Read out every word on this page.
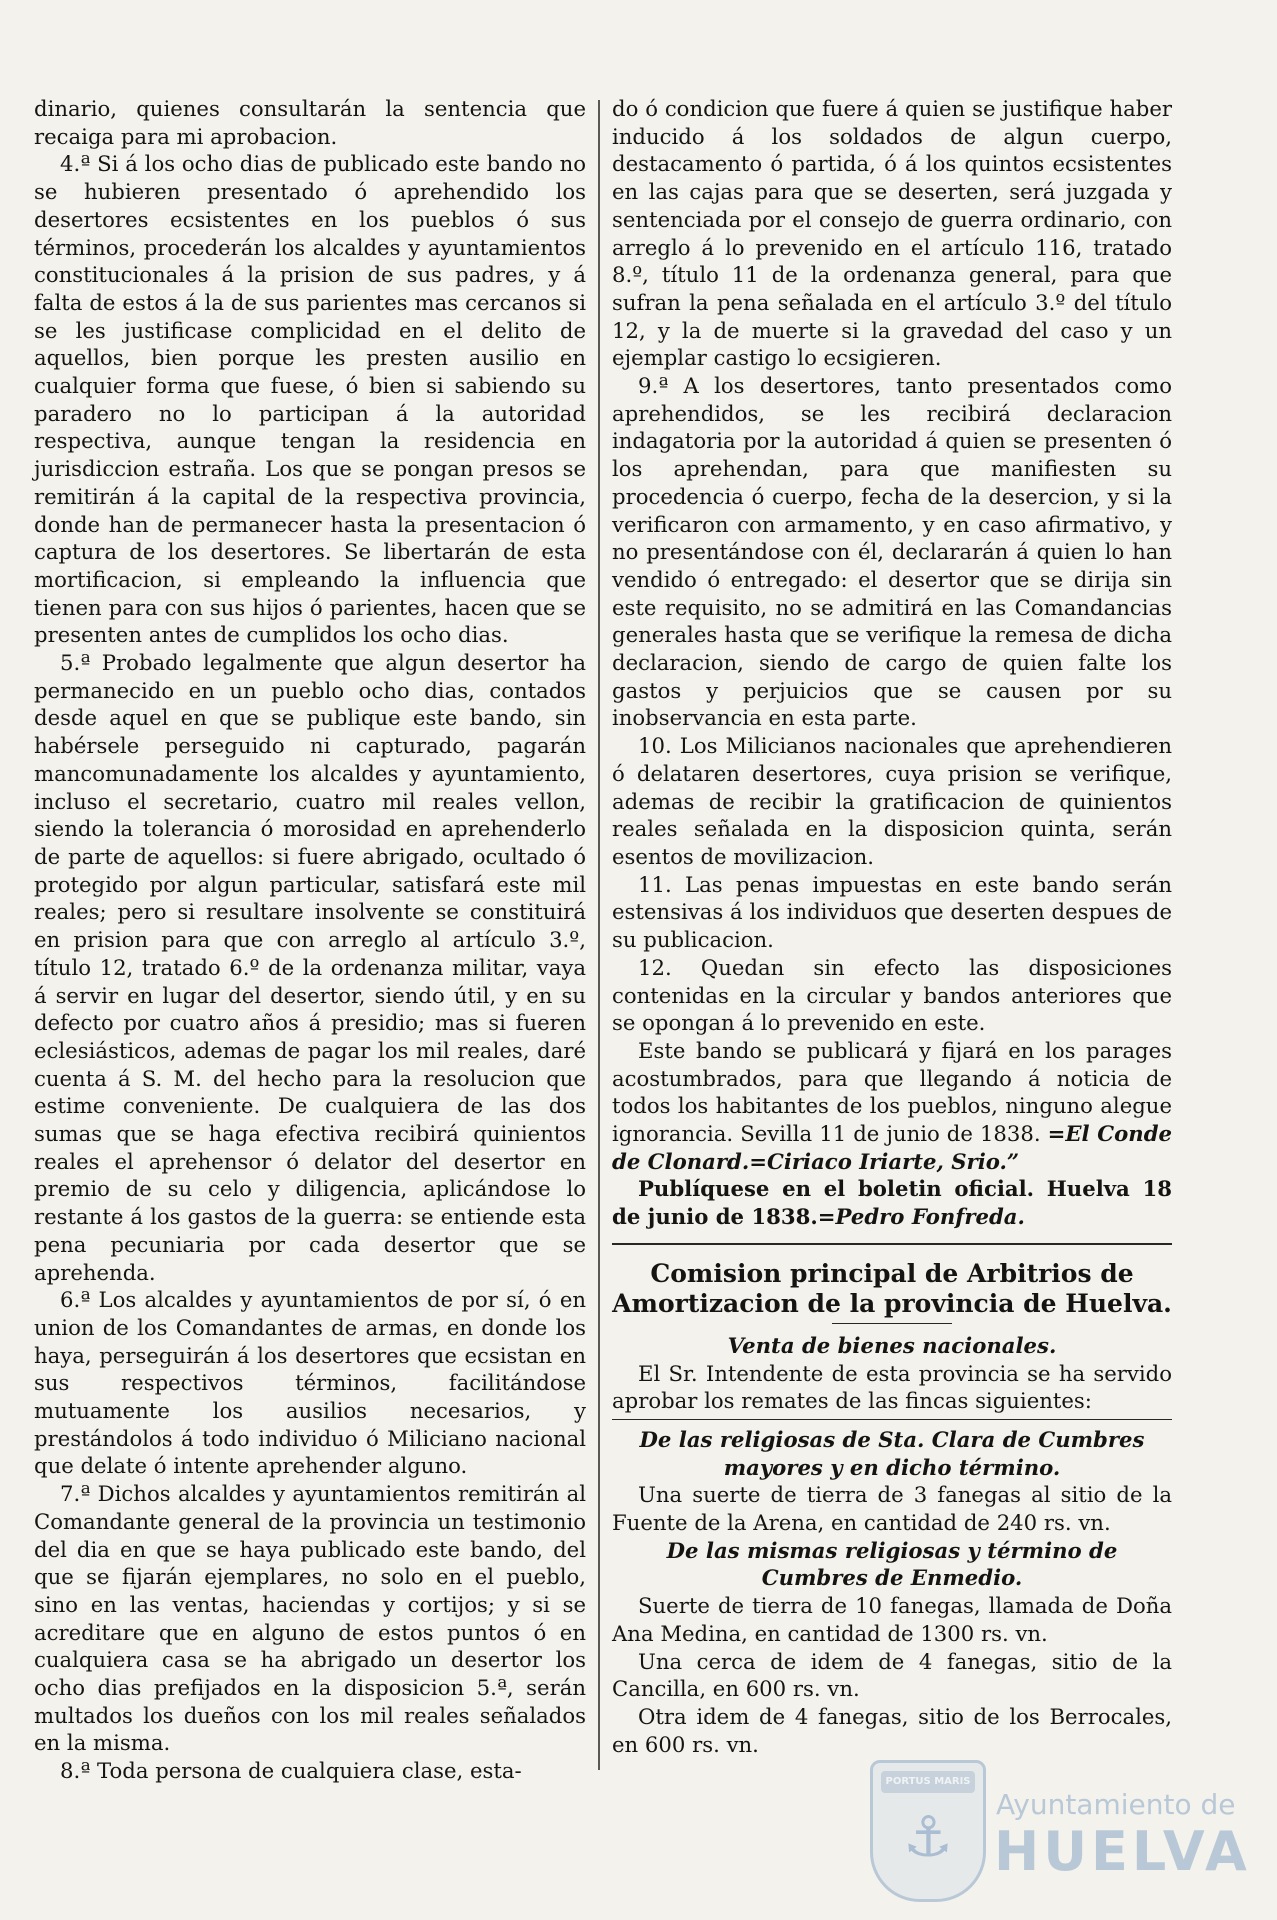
dinario, quienes consultarán la sentencia que recaiga para mi aprobacion.

4.ª Si á los ocho dias de publicado este bando no se hubieren presentado ó aprehendido los desertores ecsistentes en los pueblos ó sus términos, procederán los alcaldes y ayuntamientos constitucionales á la prision de sus padres, y á falta de estos á la de sus parientes mas cercanos si se les justificase complicidad en el delito de aquellos, bien porque les presten ausilio en cualquier forma que fuese, ó bien si sabiendo su paradero no lo participan á la autoridad respectiva, aunque tengan la residencia en jurisdiccion estraña. Los que se pongan presos se remitirán á la capital de la respectiva provincia, donde han de permanecer hasta la presentacion ó captura de los desertores. Se libertarán de esta mortificacion, si empleando la influencia que tienen para con sus hijos ó parientes, hacen que se presenten antes de cumplidos los ocho dias.

5.ª Probado legalmente que algun desertor ha permanecido en un pueblo ocho dias, contados desde aquel en que se publique este bando, sin habérsele perseguido ni capturado, pagarán mancomunadamente los alcaldes y ayuntamiento, incluso el secretario, cuatro mil reales vellon, siendo la tolerancia ó morosidad en aprehenderlo de parte de aquellos: si fuere abrigado, ocultado ó protegido por algun particular, satisfará este mil reales; pero si resultare insolvente se constituirá en prision para que con arreglo al artículo 3.º, título 12, tratado 6.º de la ordenanza militar, vaya á servir en lugar del desertor, siendo útil, y en su defecto por cuatro años á presidio; mas si fueren eclesiásticos, ademas de pagar los mil reales, daré cuenta á S. M. del hecho para la resolucion que estime conveniente. De cualquiera de las dos sumas que se haga efectiva recibirá quinientos reales el aprehensor ó delator del desertor en premio de su celo y diligencia, aplicándose lo restante á los gastos de la guerra: se entiende esta pena pecuniaria por cada desertor que se aprehenda.

6.ª Los alcaldes y ayuntamientos de por sí, ó en union de los Comandantes de armas, en donde los haya, perseguirán á los desertores que ecsistan en sus respectivos términos, facilitándose mutuamente los ausilios necesarios, y prestándolos á todo individuo ó Miliciano nacional que delate ó intente aprehender alguno.

7.ª Dichos alcaldes y ayuntamientos remitirán al Comandante general de la provincia un testimonio del dia en que se haya publicado este bando, del que se fijarán ejemplares, no solo en el pueblo, sino en las ventas, haciendas y cortijos; y si se acreditare que en alguno de estos puntos ó en cualquiera casa se ha abrigado un desertor los ocho dias prefijados en la disposicion 5.ª, serán multados los dueños con los mil reales señalados en la misma.

8.ª Toda persona de cualquiera clase, esta-

do ó condicion que fuere á quien se justifique haber inducido á los soldados de algun cuerpo, destacamento ó partida, ó á los quintos ecsistentes en las cajas para que se deserten, será juzgada y sentenciada por el consejo de guerra ordinario, con arreglo á lo prevenido en el artículo 116, tratado 8.º, título 11 de la ordenanza general, para que sufran la pena señalada en el artículo 3.º del título 12, y la de muerte si la gravedad del caso y un ejemplar castigo lo ecsigieren.

9.ª A los desertores, tanto presentados como aprehendidos, se les recibirá declaracion indagatoria por la autoridad á quien se presenten ó los aprehendan, para que manifiesten su procedencia ó cuerpo, fecha de la desercion, y si la verificaron con armamento, y en caso afirmativo, y no presentándose con él, declararán á quien lo han vendido ó entregado: el desertor que se dirija sin este requisito, no se admitirá en las Comandancias generales hasta que se verifique la remesa de dicha declaracion, siendo de cargo de quien falte los gastos y perjuicios que se causen por su inobservancia en esta parte.

10. Los Milicianos nacionales que aprehendieren ó delataren desertores, cuya prision se verifique, ademas de recibir la gratificacion de quinientos reales señalada en la disposicion quinta, serán esentos de movilizacion.

11. Las penas impuestas en este bando serán estensivas á los individuos que deserten despues de su publicacion.

12. Quedan sin efecto las disposiciones contenidas en la circular y bandos anteriores que se opongan á lo prevenido en este.

Este bando se publicará y fijará en los parages acostumbrados, para que llegando á noticia de todos los habitantes de los pueblos, ninguno alegue ignorancia. Sevilla 11 de junio de 1838. =El Conde de Clonard.=Ciriaco Iriarte, Srio.”

Publíquese en el boletin oficial. Huelva 18 de junio de 1838.=Pedro Fonfreda.

Comision principal de Arbitrios de Amortizacion de la provincia de Huelva.

Venta de bienes nacionales.

El Sr. Intendente de esta provincia se ha servido aprobar los remates de las fincas siguientes:

De las religiosas de Sta. Clara de Cumbres mayores y en dicho término.

Una suerte de tierra de 3 fanegas al sitio de la Fuente de la Arena, en cantidad de 240 rs. vn.

De las mismas religiosas y término de Cumbres de Enmedio.

Suerte de tierra de 10 fanegas, llamada de Doña Ana Medina, en cantidad de 1300 rs. vn.

Una cerca de idem de 4 fanegas, sitio de la Cancilla, en 600 rs. vn.

Otra idem de 4 fanegas, sitio de los Berrocales, en 600 rs. vn.

PORTUS MARIS
⚓
Ayuntamiento de
HUELVA
